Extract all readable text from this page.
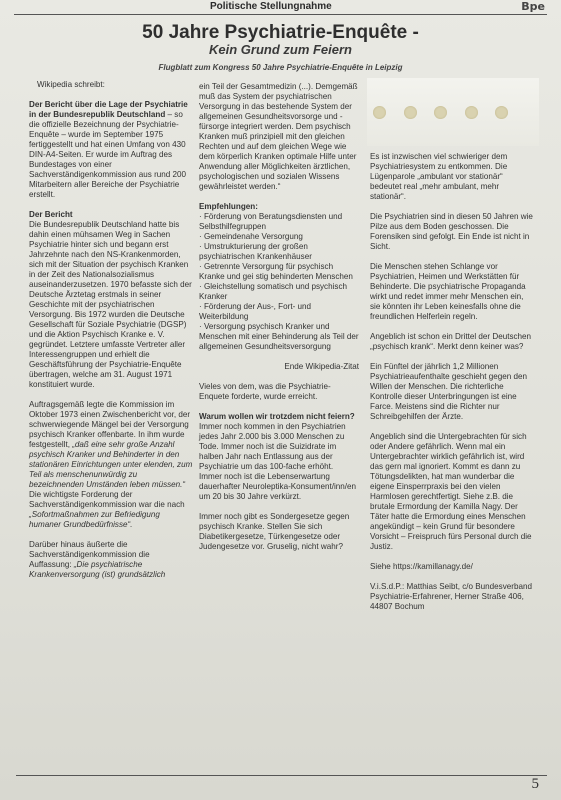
Politische Stellungnahme	Bpe
50 Jahre Psychiatrie-Enquête -
Kein Grund zum Feiern
Flugblatt zum Kongress 50 Jahre Psychiatrie-Enquête in Leipzig

Wikipedia schreibt:

Der Bericht über die Lage der Psychiatrie in der Bundesrepublik Deutschland – so die offizielle Bezeichnung der Psychiatrie-Enquête – wurde im September 1975 fertiggestellt und hat einen Umfang von 430 DIN-A4-Seiten. Er wurde im Auftrag des Bundestages von einer Sachverständigenkommission aus rund 200 Mitarbeitern aller Bereiche der Psychiatrie erstellt.

Der Bericht

Die Bundesrepublik Deutschland hatte bis dahin einen mühsamen Weg in Sachen Psychiatrie hinter sich und begann erst Jahrzehnte nach den NS-Krankenmorden, sich mit der Situation der psychisch Kranken in der Zeit des Nationalsozialismus auseinanderzusetzen. 1970 befasste sich der Deutsche Ärztetag erstmals in seiner Geschichte mit der psychiatrischen Versorgung. Bis 1972 wurden die Deutsche Gesellschaft für Soziale Psychiatrie (DGSP) und die Aktion Psychisch Kranke e. V. gegründet. Letztere umfasste Vertreter aller Interessengruppen und erhielt die Geschäftsführung der Psychiatrie-Enquête übertragen, welche am 31. August 1971 konstituiert wurde.

Auftragsgemäß legte die Kommission im Oktober 1973 einen Zwischenbericht vor, der schwerwiegende Mängel bei der Versorgung psychisch Kranker offenbarte. In ihm wurde festgestellt, „daß eine sehr große Anzahl psychisch Kranker und Behinderter in den stationären Einrichtungen unter elenden, zum Teil als menschenunwürdig zu bezeichnenden Umständen leben müssen.“ Die wichtigste Forderung der Sachverständigenkommission war die nach „Sofortmaßnahmen zur Befriedigung humaner Grundbedürfnisse“.

Darüber hinaus äußerte die Sachverständigenkommission die Auffassung: „Die psychiatrische Krankenversorgung (ist) grundsätzlich

ein Teil der Gesamtmedizin (...). Demgemäß muß das System der psychiatrischen Versorgung in das bestehende System der allgemeinen Gesundheitsvorsorge und -fürsorge integriert werden. Dem psychisch Kranken muß prinzipiell mit den gleichen Rechten und auf dem gleichen Wege wie dem körperlich Kranken optimale Hilfe unter Anwendung aller Möglichkeiten ärztlichen, psychologischen und sozialen Wissens gewährleistet werden.“

Empfehlungen:

· Förderung von Beratungsdiensten und Selbsthilfegruppen

· Gemeindenahe Versorgung

· Umstrukturierung der großen psychiatrischen Krankenhäuser

· Getrennte Versorgung für psychisch Kranke und gei stig behinderten Menschen

· Gleichstellung somatisch und psychisch Kranker

· Förderung der Aus-, Fort- und Weiterbildung

· Versorgung psychisch Kranker und Menschen mit einer Behinderung als Teil der allgemeinen Gesundheitsversorgung

Ende Wikipedia-Zitat

Vieles von dem, was die Psychiatrie-Enquete forderte, wurde erreicht.

Warum wollen wir trotzdem nicht feiern?

Immer noch kommen in den Psychiatrien jedes Jahr 2.000 bis 3.000 Menschen zu Tode. Immer noch ist die Suizidrate im halben Jahr nach Entlassung aus der Psychiatrie um das 100-fache erhöht.

Immer noch ist die Lebenserwartung dauerhafter Neuroleptika-Konsument/inn/en um 20 bis 30 Jahre verkürzt.

Immer noch gibt es Sondergesetze gegen psychisch Kranke. Stellen Sie sich Diabetikergesetze, Türkengesetze oder Judengesetze vor. Gruselig, nicht wahr?

Es ist inzwischen viel schwieriger dem Psychiatriesystem zu entkommen. Die Lügenparole „ambulant vor stationär“ bedeutet real „mehr ambulant, mehr stationär“.

Die Psychiatrien sind in diesen 50 Jahren wie Pilze aus dem Boden geschossen. Die Forensiken sind gefolgt. Ein Ende ist nicht in Sicht.

Die Menschen stehen Schlange vor Psychiatrien, Heimen und Werkstätten für Behinderte. Die psychiatrische Propaganda wirkt und redet immer mehr Menschen ein, sie könnten ihr Leben keinesfalls ohne die freundlichen Helferlein regeln.

Angeblich ist schon ein Drittel der Deutschen „psychisch krank“. Merkt denn keiner was?

Ein Fünftel der jährlich 1,2 Millionen Psychiatrieaufenthalte geschieht gegen den Willen der Menschen. Die richterliche Kontrolle dieser Unterbringungen ist eine Farce. Meistens sind die Richter nur Schreibgehilfen der Ärzte.

Angeblich sind die Untergebrachten für sich oder Andere gefährlich. Wenn mal ein Untergebrachter wirklich gefährlich ist, wird das gern mal ignoriert. Kommt es dann zu Tötungsdelikten, hat man wunderbar die eigene Einsperrpraxis bei den vielen Harmlosen gerechtfertigt. Siehe z.B. die brutale Ermordung der Kamilla Nagy. Der Täter hatte die Ermordung eines Menschen angekündigt – kein Grund für besondere Vorsicht – Freispruch fürs Personal durch die Justiz.

Siehe https://kamillanagy.de/

V.i.S.d.P.: Matthias Seibt, c/o Bundesverband Psychiatrie-Erfahrener, Herner Straße 406, 44807 Bochum

5
